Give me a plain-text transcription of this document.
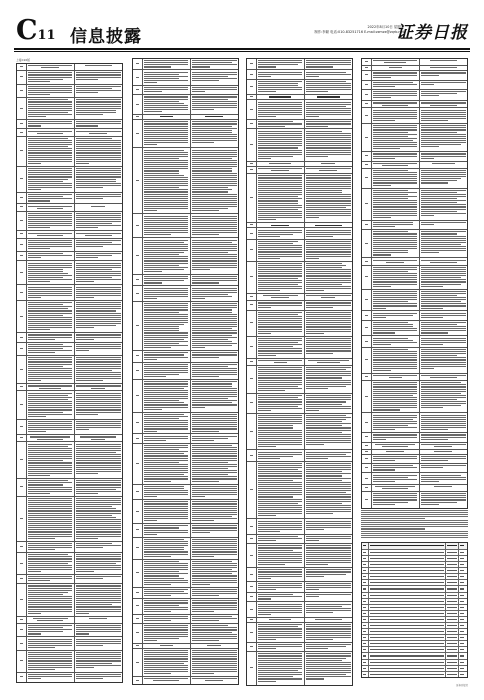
C11 信息披露	2022年8月10日 星期三
制作:李颖 电话:010-83251716 E-mail:zzmzx@zqrb.net
证券日报
上接C10版
证券日报社
